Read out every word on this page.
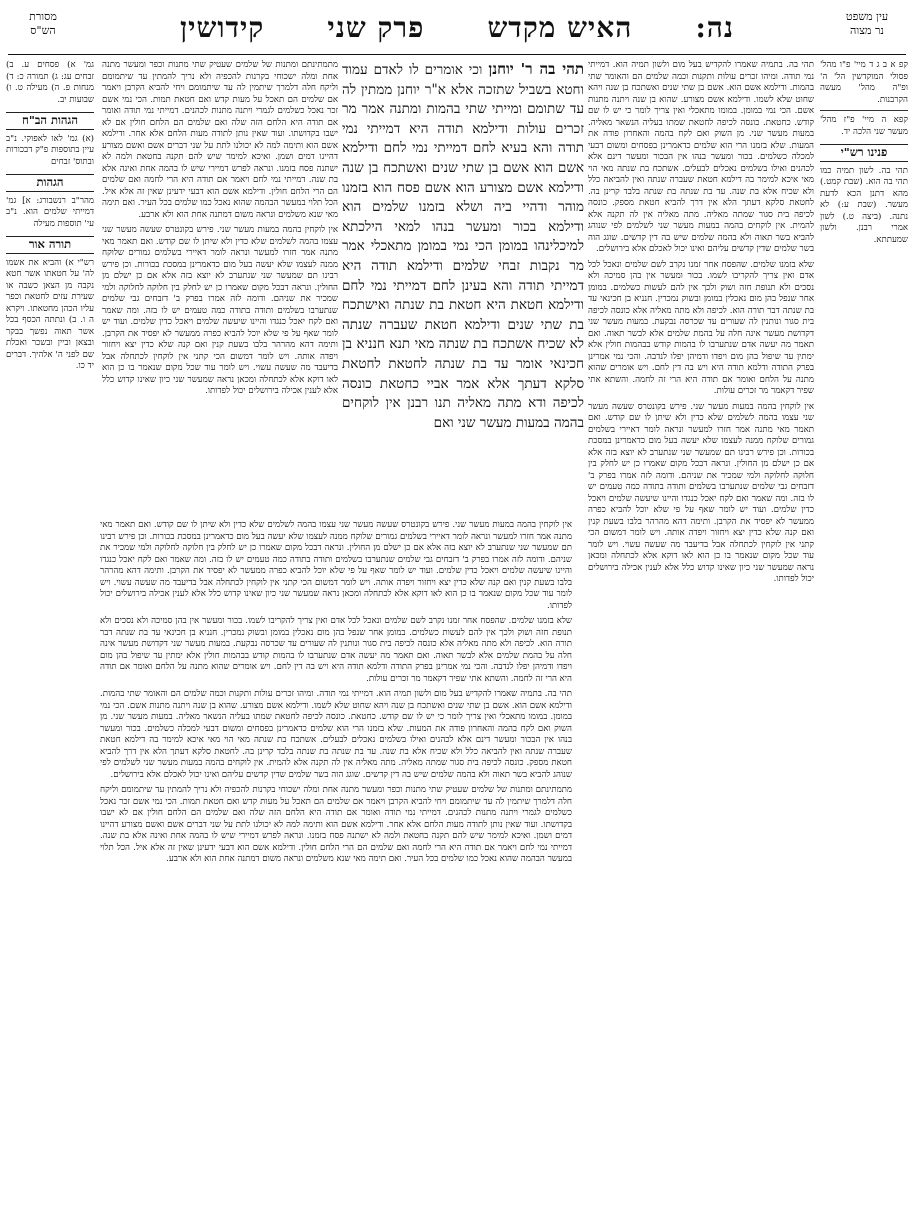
עין משפט
נר מצוה
נה:
האיש מקדש
פרק שני
קידושין
מסורת
הש"ס
קפ א ב ג ד מיי' פ"ו מהל' פסולי המוקדשין הל' ה' ופ"ה מהל' מעשה הקרבנות.
קפא ה מיי' פ"ז מהל' מעשר שני הלכה יד.
פנינו רש"י
תהי בה. לשון תמיה כמו תהי בה הוא. (שבת קמט.) מהא דתנן הכא לדעת מעשר. (שבת ע:) לא נתנה. (ביצה ט.) לשון אמרי רבנן. ולשון שמעתתא.
תהי בה. בתמיה שאמרו להקדיש בעל מום ולשון תמיה הוא. דמייתי נמי תודה. ומיהו זכרים עולות ותקנות וכמה שלמים הם והאומר שתי בהמות. ודילמא אשם הוא. אשם בן שתי שנים ואשתכח בן שנה ויהא שחוט שלא לשמו. ודילמא אשם מצורע. שהוא בן שנה ויתנה מתנות אשם. הכי נמי במומן. במומו מתאכלי ואין צריך לומר כי יש לו שם קודש. כחטאת. כונסה לכיפה לחטאת שמתו בעליה הנשאר מאליה. במעות מעשר שני. מן השוק ואם לקח בהמה והאחרון פודה את המעות. שלא בזמנו הרי הוא שלמים כדאמרינן בפסחים ומשום דבעי למכלה כשלמים. בכור ומעשר בנהו אין הבכור ומעשר דינם אלא לכהנים ואילו בשלמים נאכלים לבעלים. אשתכח בת שנתה מאי הוי מאי איכא למימר בה דילמא חטאת שעברה שנתה ואין להביאה כלל ולא שכיח אלא בת שנה. עד בת שנתה בת שנתה בלבד קרינן בה. לחטאת סלקא דעתך הלא אין דרך להביא חטאת מספק. כונסה לכיפה בית סגור שמתה מאליה. מתה מאליה אין לה תקנה אלא להמית. אין לוקחים בהמה במעות מעשר שני לשלמים לפי שנוהג להביא בשר תאוה ולא בהמה שלמים שיש בה דין קדשים. שוגג הוה בשר שלמים שדין קדשים עליהם ואינו יכול לאכלם אלא בירושלים.
שלא בזמנו שלמים. שהפסח אחר זמנו נקרב לשם שלמים ונאכל לכל אדם ואין צריך להקריבו לשמו. בכור ומעשר אין בהן סמיכה ולא נסכים ולא תנופת חזה ושוק ולכך אין להם לעשות כשלמים. במומן אחר שנפל בהן מום נאכלין במומן ובשוק נמכרין. חנניא בן חכינאי עד בת שנתה דבר תורה הוא. לכיפה ולא מתה מאליה אלא כונסה לכיפה בית סגור ונותנין לה שעורים עד שכרסה נבקעת. במעות מעשר שני דקדושת מעשר אינה חלה על בהמת שלמים אלא לבשר תאוה. ואם תאמר מה יעשה אדם שנתערבו לו בהמות קודש בבהמות חולין אלא ימתין עד שיפול בהן מום ויפדו ודמיהן יפלו לנדבה. והכי נמי אמרינן בפרק התודה ודלמא תודה היא ויש בה דין לחם. ויש אומרים שהוא מתנה על הלחם ואומר אם תודה היא הרי זה לחמה. והשתא אתי שפיר דקאמר מר זכרים עולות.
אין לוקחין בהמה במעות מעשר שני. פירש בקונטרס שעשה מעשר שני עצמו בהמה לשלמים שלא כדין ולא שיתן לו שם קודש. ואם תאמר מאי מתנה אמר חזרו למעשר ונראה לומר דאיירי בשלמים גמורים שלוקח ממנה לעצמו שלא יעשה בעל מום כדאמרינן במסכת בכורות. וכן פירש רבינו תם שמעשר שני שנתערב לא יוצא בזה אלא אם כן ישלם מן החולין. ונראה דבכל מקום שאמרו כן יש לחלק בין חלוקה לחלוקה ולמי שמכיר את שניהם. ודומה לזה אמרו בפרק ב' דזבחים גבי שלמים שנתערבו בשלמים ותודה בתודה כמה טעמים יש לו בזה. ומה שאמר ואם לקח יאכל כנגדו והיינו שיעשה שלמים ויאכל כדין שלמים. ועוד יש לומר שאף על פי שלא יוכל להביא כפרה ממעשר לא יפסיד את הקרבן. ותימה דהא מהרהר בלבו בשעת קנין ואם קנה שלא כדין יצא ויחזור ויפדה אותה. ויש לומר דמשום הכי קתני אין לוקחין לכתחלה אבל בדיעבד מה שעשה עשוי. ויש לומר עוד שכל מקום שנאמר בו כן הוא לאו דוקא אלא לכתחלה ומכאן נראה שמעשר שני כיון שאינו קדוש כלל אלא לענין אכילה בירושלים יכול לפדותו.
תהי בה ר' יוחנן וכי אומרים לו לאדם עמוד וחטא בשביל שתזכה אלא א"ר יוחנן ממתין לה עד שתומם ומייתי שתי בהמות ומתנה אמר מר זכרים עולות ודילמא תודה היא דמייתי נמי תודה והא בעיא לחם דמייתי נמי לחם ודילמא אשם הוא אשם בן שתי שנים ואשתכח בן שנה ודילמא אשם מצורע הוא אשם פסח הוא בזמנו מוהר ודהיי ביה ושלא בזמנו שלמים הוא ודילמא בכור ומעשר בנהו למאי הילכתא למיכלינהו במומן הכי נמי במומן מתאכלי אמר מר נקבות זבחי שלמים ודילמא תודה היא דמייתי תודה והא בעינן לחם דמייתי נמי לחם ודילמא חטאת היא חטאת בת שנתה ואישתכח בת שתי שנים ודילמא חטאת שעברה שנתה לא שכיח אשתכח בת שנתה מאי תנא חנניא בן חכינאי אומר עד בת שנתה לחטאת לחטאת סלקא דעתך אלא אמר אביי כחטאת כונסה לכיפה ודא מתה מאליה תנו רבנן אין לוקחים בהמה במעות מעשר שני ואם
מתמתינתם ומתנות של שלמים שעטיק שתי מתנות וכפר ומעשר מתנה אחת ומלה ישכוחי בקרנות להכפיה ולא נריך להמתין עד שיתמומם וליקח חלה דלמרך שיתמין לה עד שיתמומם ויחי להביא הקרבן ויאמר אם שלמים הם תאכל על מעות קדש ואם חטאת תמות. הכי נמי אשם זכר נאכל כשלמים לגמרי ויתנה מתנות לכהנים. דמייתי נמי תודה ואומר אם תודה היא הלחם הזה שלה ואם שלמים הם הלחם חולין אם לא ישבו בקדושתו. ועוד שאין נותן לתודה מעות הלחם אלא אחר. ודילמא אשם הוא ותימה למה לא יכולנו לתת על שני דברים אשם ואשם מצורע דהיינו דמים ושמן. ואיכא למימר שיש להם תקנה בחטאת ולמה לא ישתנה פסח בזמנו. ונראה לפרש דמיירי שיש לו בהמה אחת ואינה אלא בת שנה. דמייתי נמי לחם ויאמר אם תודה היא הרי לחמה ואם שלמים הם הרי הלחם חולין. ודילמא אשם הוא דבעי ידעינן שאין זה אלא איל. הכל תלוי במעשר הבהמה שהוא נאכל כמו שלמים בכל העיר. ואם תימה מאי שנא משלמים ונראה משום דמתנה אחת הוא ולא ארבע.
אין לוקחין בהמה במעות מעשר שני. פירש בקונטרס שעשה מעשר שני עצמו בהמה לשלמים שלא כדין ולא שיתן לו שם קודש. ואם תאמר מאי מתנה אמר חזרו למעשר ונראה לומר דאיירי בשלמים גמורים שלוקח ממנה לעצמו שלא יעשה בעל מום כדאמרינן במסכת בכורות. וכן פירש רבינו תם שמעשר שני שנתערב לא יוצא בזה אלא אם כן ישלם מן החולין. ונראה דבכל מקום שאמרו כן יש לחלק בין חלוקה לחלוקה ולמי שמכיר את שניהם. ודומה לזה אמרו בפרק ב' דזבחים גבי שלמים שנתערבו בשלמים ותודה בתודה כמה טעמים יש לו בזה. ומה שאמר ואם לקח יאכל כנגדו והיינו שיעשה שלמים ויאכל כדין שלמים. ועוד יש לומר שאף על פי שלא יוכל להביא כפרה ממעשר לא יפסיד את הקרבן. ותימה דהא מהרהר בלבו בשעת קנין ואם קנה שלא כדין יצא ויחזור ויפדה אותה. ויש לומר דמשום הכי קתני אין לוקחין לכתחלה אבל בדיעבד מה שעשה עשוי. ויש לומר עוד שכל מקום שנאמר בו כן הוא לאו דוקא אלא לכתחלה ומכאן נראה שמעשר שני כיון שאינו קדוש כלל אלא לענין אכילה בירושלים יכול לפדותו.
אין לוקחין בהמה במעות מעשר שני. פירש בקונטרס שעשה מעשר שני עצמו בהמה לשלמים שלא כדין ולא שיתן לו שם קודש. ואם תאמר מאי מתנה אמר חזרו למעשר ונראה לומר דאיירי בשלמים גמורים שלוקח ממנה לעצמו שלא יעשה בעל מום כדאמרינן במסכת בכורות. וכן פירש רבינו תם שמעשר שני שנתערב לא יוצא בזה אלא אם כן ישלם מן החולין. ונראה דבכל מקום שאמרו כן יש לחלק בין חלוקה לחלוקה ולמי שמכיר את שניהם. ודומה לזה אמרו בפרק ב' דזבחים גבי שלמים שנתערבו בשלמים ותודה בתודה כמה טעמים יש לו בזה. ומה שאמר ואם לקח יאכל כנגדו והיינו שיעשה שלמים ויאכל כדין שלמים. ועוד יש לומר שאף על פי שלא יוכל להביא כפרה ממעשר לא יפסיד את הקרבן. ותימה דהא מהרהר בלבו בשעת קנין ואם קנה שלא כדין יצא ויחזור ויפדה אותה. ויש לומר דמשום הכי קתני אין לוקחין לכתחלה אבל בדיעבד מה שעשה עשוי. ויש לומר עוד שכל מקום שנאמר בו כן הוא לאו דוקא אלא לכתחלה ומכאן נראה שמעשר שני כיון שאינו קדוש כלל אלא לענין אכילה בירושלים יכול לפדותו.
שלא בזמנו שלמים. שהפסח אחר זמנו נקרב לשם שלמים ונאכל לכל אדם ואין צריך להקריבו לשמו. בכור ומעשר אין בהן סמיכה ולא נסכים ולא תנופת חזה ושוק ולכך אין להם לעשות כשלמים. במומן אחר שנפל בהן מום נאכלין במומן ובשוק נמכרין. חנניא בן חכינאי עד בת שנתה דבר תורה הוא. לכיפה ולא מתה מאליה אלא כונסה לכיפה בית סגור ונותנין לה שעורים עד שכרסה נבקעת. במעות מעשר שני דקדושת מעשר אינה חלה על בהמת שלמים אלא לבשר תאוה. ואם תאמר מה יעשה אדם שנתערבו לו בהמות קודש בבהמות חולין אלא ימתין עד שיפול בהן מום ויפדו ודמיהן יפלו לנדבה. והכי נמי אמרינן בפרק התודה ודלמא תודה היא ויש בה דין לחם. ויש אומרים שהוא מתנה על הלחם ואומר אם תודה היא הרי זה לחמה. והשתא אתי שפיר דקאמר מר זכרים עולות.
תהי בה. בתמיה שאמרו להקדיש בעל מום ולשון תמיה הוא. דמייתי נמי תודה. ומיהו זכרים עולות ותקנות וכמה שלמים הם והאומר שתי בהמות. ודילמא אשם הוא. אשם בן שתי שנים ואשתכח בן שנה ויהא שחוט שלא לשמו. ודילמא אשם מצורע. שהוא בן שנה ויתנה מתנות אשם. הכי נמי במומן. במומו מתאכלי ואין צריך לומר כי יש לו שם קודש. כחטאת. כונסה לכיפה לחטאת שמתו בעליה הנשאר מאליה. במעות מעשר שני. מן השוק ואם לקח בהמה והאחרון פודה את המעות. שלא בזמנו הרי הוא שלמים כדאמרינן בפסחים ומשום דבעי למכלה כשלמים. בכור ומעשר בנהו אין הבכור ומעשר דינם אלא לכהנים ואילו בשלמים נאכלים לבעלים. אשתכח בת שנתה מאי הוי מאי איכא למימר בה דילמא חטאת שעברה שנתה ואין להביאה כלל ולא שכיח אלא בת שנה. עד בת שנתה בת שנתה בלבד קרינן בה. לחטאת סלקא דעתך הלא אין דרך להביא חטאת מספק. כונסה לכיפה בית סגור שמתה מאליה. מתה מאליה אין לה תקנה אלא להמית. אין לוקחים בהמה במעות מעשר שני לשלמים לפי שנוהג להביא בשר תאוה ולא בהמה שלמים שיש בה דין קדשים. שוגג הוה בשר שלמים שדין קדשים עליהם ואינו יכול לאכלם אלא בירושלים.
מתמתינתם ומתנות של שלמים שעטיק שתי מתנות וכפר ומעשר מתנה אחת ומלה ישכוחי בקרנות להכפיה ולא נריך להמתין עד שיתמומם וליקח חלה דלמרך שיתמין לה עד שיתמומם ויחי להביא הקרבן ויאמר אם שלמים הם תאכל על מעות קדש ואם חטאת תמות. הכי נמי אשם זכר נאכל כשלמים לגמרי ויתנה מתנות לכהנים. דמייתי נמי תודה ואומר אם תודה היא הלחם הזה שלה ואם שלמים הם הלחם חולין אם לא ישבו בקדושתו. ועוד שאין נותן לתודה מעות הלחם אלא אחר. ודילמא אשם הוא ותימה למה לא יכולנו לתת על שני דברים אשם ואשם מצורע דהיינו דמים ושמן. ואיכא למימר שיש להם תקנה בחטאת ולמה לא ישתנה פסח בזמנו. ונראה לפרש דמיירי שיש לו בהמה אחת ואינה אלא בת שנה. דמייתי נמי לחם ויאמר אם תודה היא הרי לחמה ואם שלמים הם הרי הלחם חולין. ודילמא אשם הוא דבעי ידעינן שאין זה אלא איל. הכל תלוי במעשר הבהמה שהוא נאכל כמו שלמים בכל העיר. ואם תימה מאי שנא משלמים ונראה משום דמתנה אחת הוא ולא ארבע.
גמ' א) פסחים ע. ב) זבחים עג: ג) תמורה כ: ד) מנחות פ. ה) מעילה ט. ו) שבועות יב.
הגהות הב"ח
(א) גמ' לאו לאפוקי. נ"ב עיין בתוספות פ"ק דבכורות ובתוס' זבחים
הגהות
מהר"ב רנשבורג: א] גמ' דמייתי שלמים הוא. נ"ב עי' תוספות מעילה
תורה אור
רש"י א) והביא את אשמו לה' על חטאתו אשר חטא נקבה מן הצאן כשבה או שעירת עזים לחטאת וכפר עליו הכהן מחטאתו. ויקרא ה ו. ב) ונתתה הכסף בכל אשר תאוה נפשך בבקר ובצאן וביין ובשכר ואכלת שם לפני ה' אלהיך. דברים יד כו.
